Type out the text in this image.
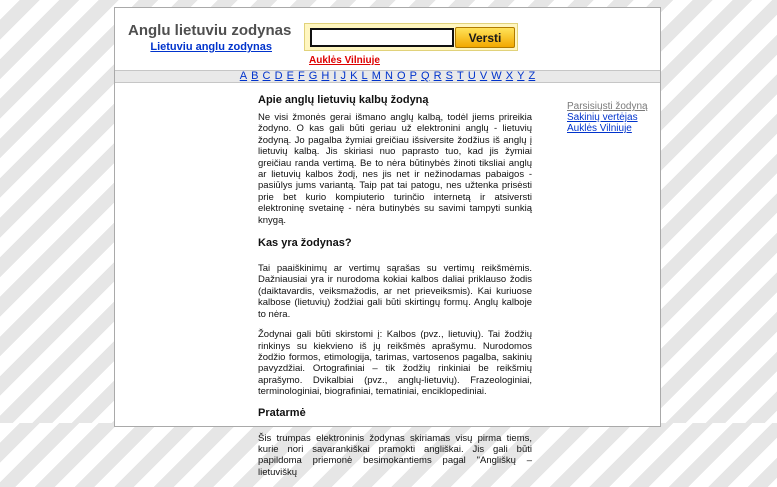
Anglu lietuviu zodynas
Lietuviu anglu zodynas
Versti
Auklės Vilniuje
A B C D E F G H I J K L M N O P Q R S T U V W X Y Z
Apie anglų lietuvių kalbų žodyną

Ne visi žmonės gerai išmano anglų kalbą, todėl jiems prireikia žodyno. O kas gali būti geriau už elektronini anglų - lietuvių žodyną. Jo pagalba žymiai greičiau išsiversite žodžius iš anglų į lietuvių kalbą. Jis skiriasi nuo paprasto tuo, kad jis žymiai greičiau randa vertimą. Be to nėra būtinybės žinoti tiksliai anglų ar lietuvių kalbos žodį, nes jis net ir nežinodamas pabaigos - pasiūlys jums variantą. Taip pat tai patogu, nes užtenka prisėsti prie bet kurio kompiuterio turinčio internetą ir atsiversti elektroninę svetainę - nėra butinybės su savimi tampyti sunkią knygą.

Kas yra žodynas?

Tai paaiškinimų ar vertimų sąrašas su vertimų reikšmėmis. Dažniausiai yra ir nurodoma kokiai kalbos daliai priklauso žodis (daiktavardis, veiksmažodis, ar net prieveiksmis). Kai kuriuose kalbose (lietuvių) žodžiai gali būti skirtingų formų. Anglų kalboje to nėra.

Žodynai gali būti skirstomi į: Kalbos (pvz., lietuvių). Tai žodžių rinkinys su kiekvieno iš jų reikšmės aprašymu. Nurodomos žodžio formos, etimologija, tarimas, vartosenos pagalba, sakinių pavyzdžiai. Ortografiniai – tik žodžių rinkiniai be reikšmių aprašymo. Dvikalbiai (pvz., anglų-lietuvių). Frazeologiniai, terminologiniai, biografiniai, tematiniai, enciklopediniai.

Pratarmė

Šis trumpas elektroninis žodynas skiriamas visų pirma tiems, kurie nori savarankiškai pramokti angliškai. Jis gali būti papildoma priemonė besimokantiems pagal "Angliškų – lietuviškų

Parsisiųsti žodyną
Sakinių vertėjas
Auklės Vilniuje
